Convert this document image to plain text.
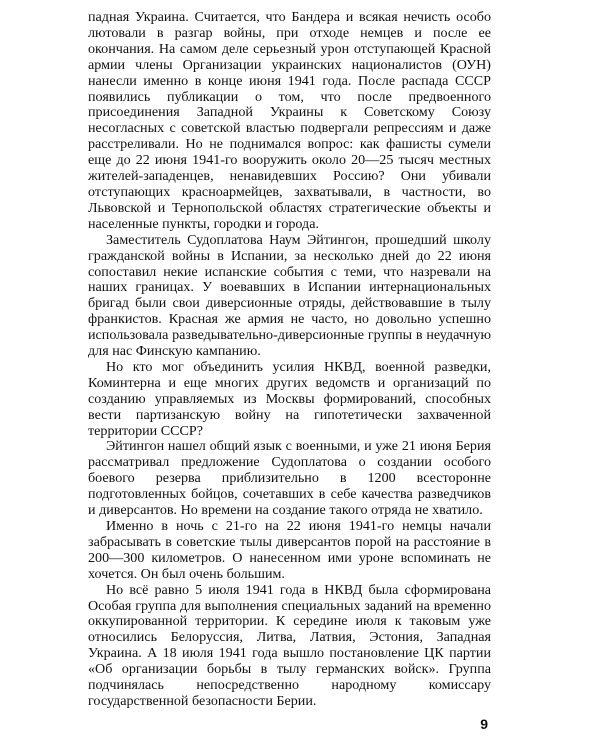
падная Украина. Считается, что Бандера и всякая нечисть особо лютовали в разгар войны, при отходе немцев и после ее окончания. На самом деле серьезный урон отступающей Красной армии члены Организации украинских националистов (ОУН) нанесли именно в конце июня 1941 года. После распада СССР появились публикации о том, что после предвоенного присоединения Западной Украины к Советскому Союзу несогласных с советской властью подвергали репрессиям и даже расстреливали. Но не поднимался вопрос: как фашисты сумели еще до 22 июня 1941-го вооружить около 20—25 тысяч местных жителей-западенцев, ненавидевших Россию? Они убивали отступающих красноармейцев, захватывали, в частности, во Львовской и Тернопольской областях стратегические объекты и населенные пункты, городки и города.

Заместитель Судоплатова Наум Эйтингон, прошедший школу гражданской войны в Испании, за несколько дней до 22 июня сопоставил некие испанские события с теми, что назревали на наших границах. У воевавших в Испании интернациональных бригад были свои диверсионные отряды, действовавшие в тылу франкистов. Красная же армия не часто, но довольно успешно использовала разведывательно-диверсионные группы в неудачную для нас Финскую кампанию.

Но кто мог объединить усилия НКВД, военной разведки, Коминтерна и еще многих других ведомств и организаций по созданию управляемых из Москвы формирований, способных вести партизанскую войну на гипотетически захваченной территории СССР?

Эйтингон нашел общий язык с военными, и уже 21 июня Берия рассматривал предложение Судоплатова о создании особого боевого резерва приблизительно в 1200 всесторонне подготовленных бойцов, сочетавших в себе качества разведчиков и диверсантов. Но времени на создание такого отряда не хватило.

Именно в ночь с 21-го на 22 июня 1941-го немцы начали забрасывать в советские тылы диверсантов порой на расстояние в 200—300 километров. О нанесенном ими уроне вспоминать не хочется. Он был очень большим.

Но всё равно 5 июля 1941 года в НКВД была сформирована Особая группа для выполнения специальных заданий на временно оккупированной территории. К середине июля к таковым уже относились Белоруссия, Литва, Латвия, Эстония, Западная Украина. А 18 июля 1941 года вышло постановление ЦК партии «Об организации борьбы в тылу германских войск». Группа подчинялась непосредственно народному комиссару государственной безопасности Берии.

9
